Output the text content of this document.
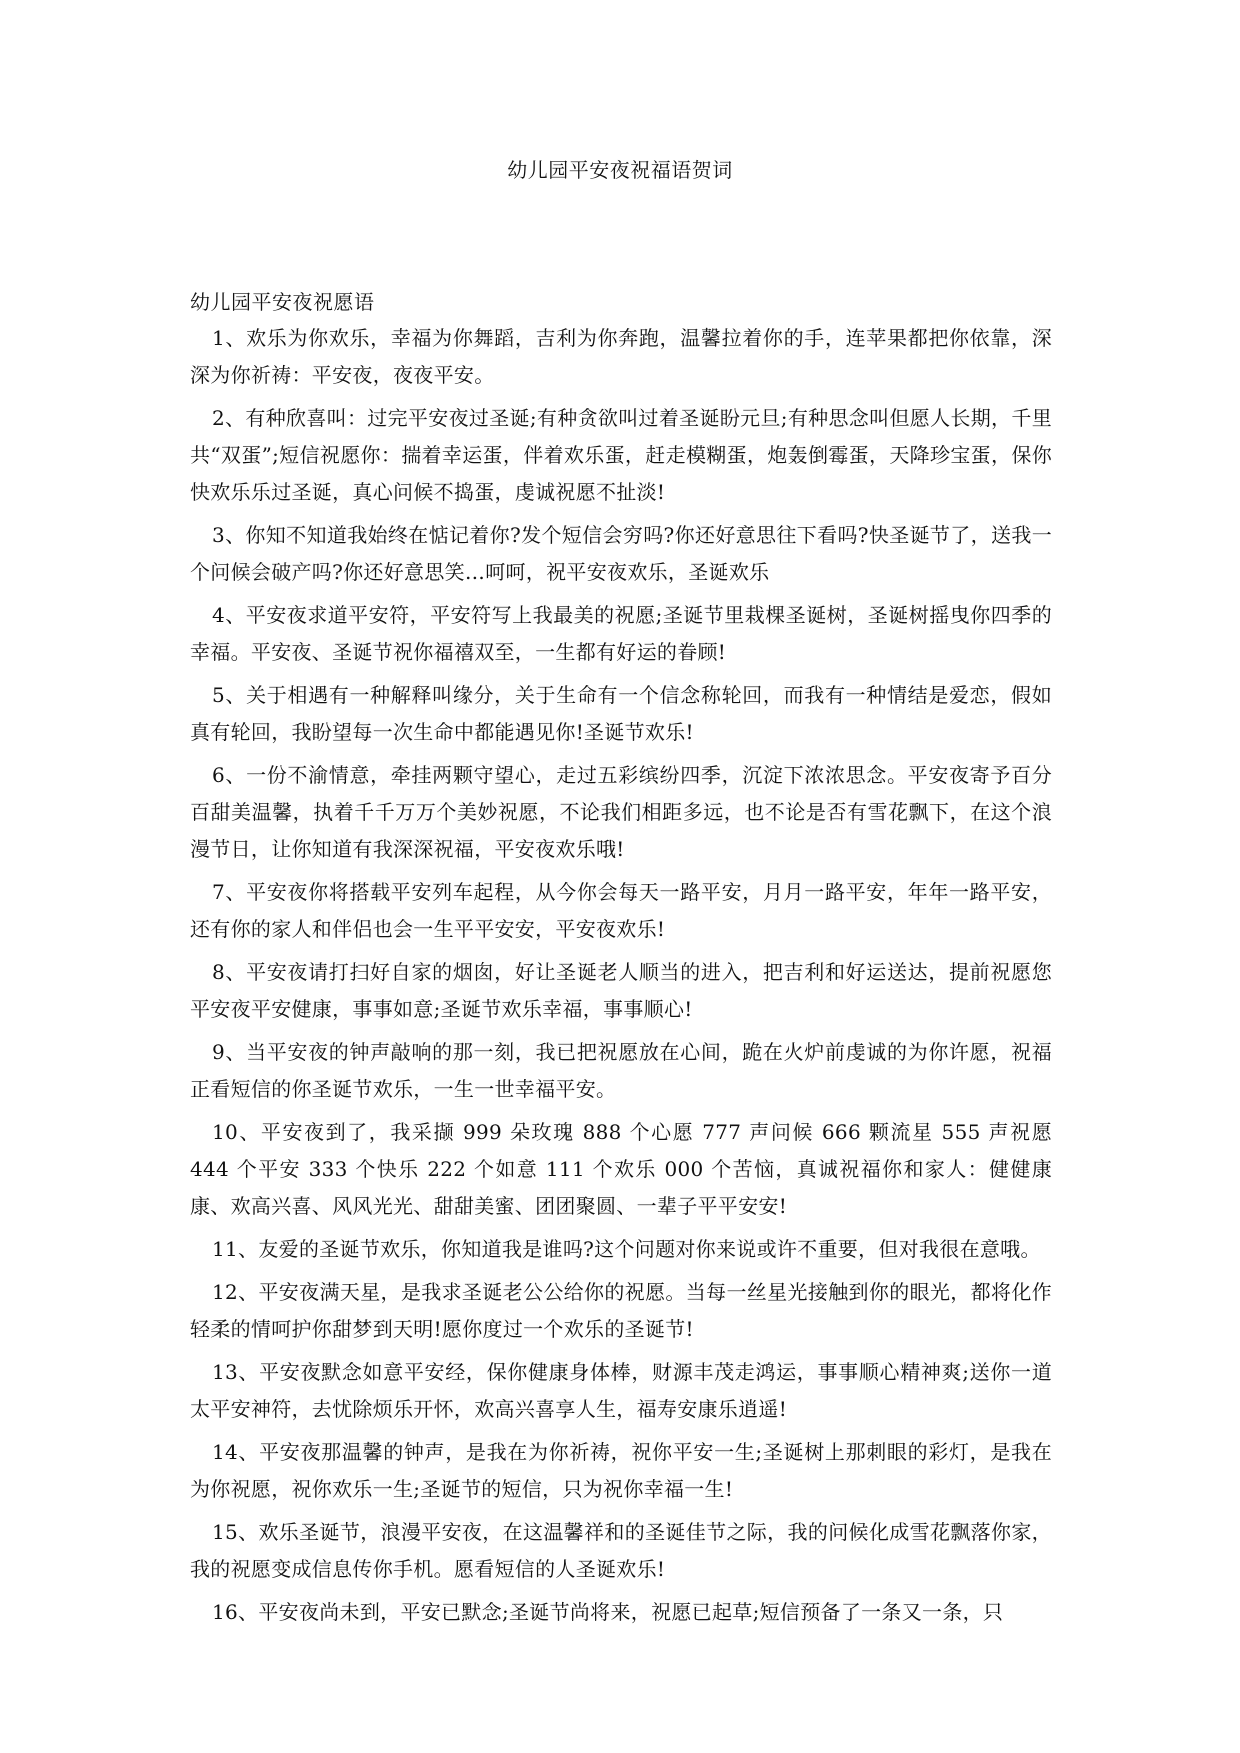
幼儿园平安夜祝福语贺词
幼儿园平安夜祝愿语

1、欢乐为你欢乐，幸福为你舞蹈，吉利为你奔跑，温馨拉着你的手，连苹果都把你依靠，深深为你祈祷：平安夜，夜夜平安。

2、有种欣喜叫：过完平安夜过圣诞;有种贪欲叫过着圣诞盼元旦;有种思念叫但愿人长期，千里共“双蛋”;短信祝愿你：揣着幸运蛋，伴着欢乐蛋，赶走模糊蛋，炮轰倒霉蛋，天降珍宝蛋，保你快欢乐乐过圣诞，真心问候不捣蛋，虔诚祝愿不扯淡!

3、你知不知道我始终在惦记着你?发个短信会穷吗?你还好意思往下看吗?快圣诞节了，送我一个问候会破产吗?你还好意思笑…呵呵，祝平安夜欢乐，圣诞欢乐

4、平安夜求道平安符，平安符写上我最美的祝愿;圣诞节里栽棵圣诞树，圣诞树摇曳你四季的幸福。平安夜、圣诞节祝你福禧双至，一生都有好运的眷顾!

5、关于相遇有一种解释叫缘分，关于生命有一个信念称轮回，而我有一种情结是爱恋，假如真有轮回，我盼望每一次生命中都能遇见你!圣诞节欢乐!

6、一份不渝情意，牵挂两颗守望心，走过五彩缤纷四季，沉淀下浓浓思念。平安夜寄予百分百甜美温馨，执着千千万万个美妙祝愿，不论我们相距多远，也不论是否有雪花飘下，在这个浪漫节日，让你知道有我深深祝福，平安夜欢乐哦!

7、平安夜你将搭载平安列车起程，从今你会每天一路平安，月月一路平安，年年一路平安，还有你的家人和伴侣也会一生平平安安，平安夜欢乐!

8、平安夜请打扫好自家的烟囱，好让圣诞老人顺当的进入，把吉利和好运送达，提前祝愿您平安夜平安健康，事事如意;圣诞节欢乐幸福，事事顺心!

9、当平安夜的钟声敲响的那一刻，我已把祝愿放在心间，跪在火炉前虔诚的为你许愿，祝福正看短信的你圣诞节欢乐，一生一世幸福平安。

10、平安夜到了，我采撷 999 朵玫瑰 888 个心愿 777 声问候 666 颗流星 555 声祝愿 444 个平安 333 个快乐 222 个如意 111 个欢乐 000 个苦恼，真诚祝福你和家人：健健康康、欢高兴喜、风风光光、甜甜美蜜、团团聚圆、一辈子平平安安!

11、友爱的圣诞节欢乐，你知道我是谁吗?这个问题对你来说或许不重要，但对我很在意哦。

12、平安夜满天星，是我求圣诞老公公给你的祝愿。当每一丝星光接触到你的眼光，都将化作轻柔的情呵护你甜梦到天明!愿你度过一个欢乐的圣诞节!

13、平安夜默念如意平安经，保你健康身体棒，财源丰茂走鸿运，事事顺心精神爽;送你一道太平安神符，去忧除烦乐开怀，欢高兴喜享人生，福寿安康乐逍遥!

14、平安夜那温馨的钟声，是我在为你祈祷，祝你平安一生;圣诞树上那刺眼的彩灯，是我在为你祝愿，祝你欢乐一生;圣诞节的短信，只为祝你幸福一生!

15、欢乐圣诞节，浪漫平安夜，在这温馨祥和的圣诞佳节之际，我的问候化成雪花飘落你家，我的祝愿变成信息传你手机。愿看短信的人圣诞欢乐!

16、平安夜尚未到，平安已默念;圣诞节尚将来，祝愿已起草;短信预备了一条又一条，只
